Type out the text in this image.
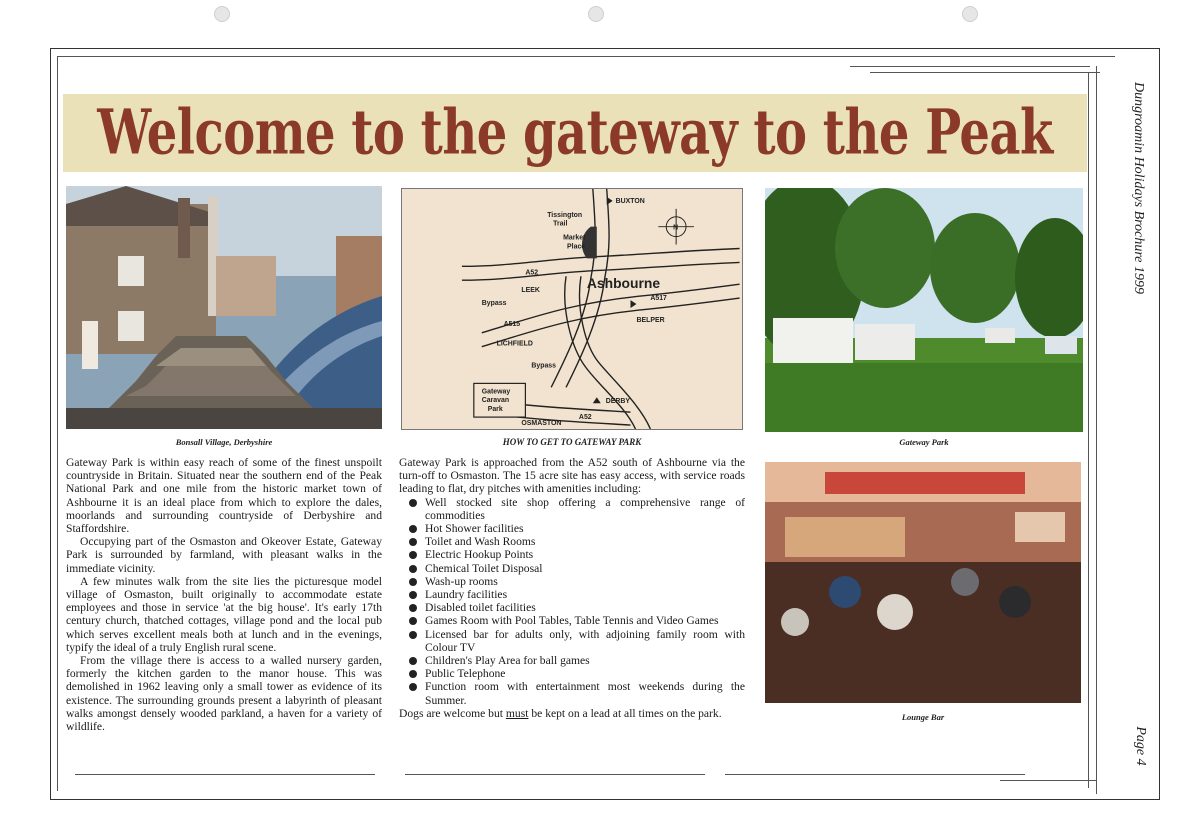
Welcome to the gateway to the Peak	Dungroamin Holidays Brochure 1999
Page 4
Bonsall Village, Derbyshire
BUXTON
Tissington
Trail
Market
Place
Ashbourne
LEEK
A52
A515
A517
Bypass
Bypass
BELPER
LICHFIELD
DERBY
OSMASTON
A52
Gateway
Caravan
Park
N
HOW TO GET TO GATEWAY PARK	Gateway Park
Lounge Bar

Gateway Park is within easy reach of some of the finest unspoilt countryside in Britain. Situated near the southern end of the Peak National Park and one mile from the historic market town of Ashbourne it is an ideal place from which to explore the dales, moorlands and surrounding countryside of Derbyshire and Staffordshire.

Occupying part of the Osmaston and Okeover Estate, Gateway Park is surrounded by farmland, with pleasant walks in the immediate vicinity.

A few minutes walk from the site lies the picturesque model village of Osmaston, built originally to accommodate estate employees and those in service 'at the big house'. It's early 17th century church, thatched cottages, village pond and the local pub which serves excellent meals both at lunch and in the evenings, typify the ideal of a truly English rural scene.

From the village there is access to a walled nursery garden, formerly the kitchen garden to the manor house. This was demolished in 1962 leaving only a small tower as evidence of its existence. The surrounding grounds present a labyrinth of pleasant walks amongst densely wooded parkland, a haven for a variety of wildlife.

Gateway Park is approached from the A52 south of Ashbourne via the turn-off to Osmaston. The 15 acre site has easy access, with service roads leading to flat, dry pitches with amenities including:

Well stocked site shop offering a comprehensive range of commodities
Hot Shower facilities
Toilet and Wash Rooms
Electric Hookup Points
Chemical Toilet Disposal
Wash-up rooms
Laundry facilities
Disabled toilet facilities
Games Room with Pool Tables, Table Tennis and Video Games
Licensed bar for adults only, with adjoining family room with Colour TV
Children's Play Area for ball games
Public Telephone
Function room with entertainment most weekends during the Summer.

Dogs are welcome but must be kept on a lead at all times on the park.
